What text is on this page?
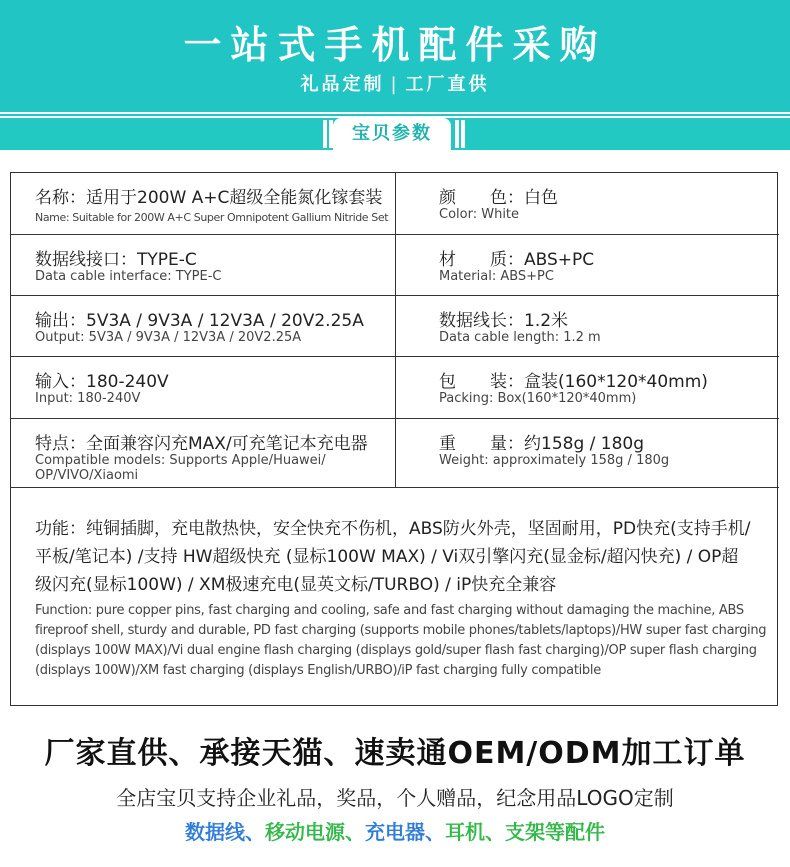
一站式手机配件采购
礼品定制 | 工厂直供
宝贝参数
名称：适用于200W A+C超级全能氮化镓套装
Name: Suitable for 200W A+C Super Omnipotent Gallium Nitride Set
颜　　色：白色
Color: White
数据线接口：TYPE-C
Data cable interface: TYPE-C
材　　质：ABS+PC
Material: ABS+PC
输出：5V3A / 9V3A / 12V3A / 20V2.25A
Output: 5V3A / 9V3A / 12V3A / 20V2.25A
数据线长：1.2米
Data cable length: 1.2 m
输入：180-240V
Input: 180-240V
包　　装：盒装(160*120*40mm)
Packing: Box(160*120*40mm)
特点：全面兼容闪充MAX/可充笔记本充电器
Compatible models: Supports Apple/Huawei/ OP/VIVO/Xiaomi
重　　量：约158g / 180g
Weight: approximately 158g / 180g
功能：纯铜插脚，充电散热快，安全快充不伤机，ABS防火外壳，坚固耐用，PD快充(支持手机/平板/笔记本) /支持 HW超级快充 (显标100W MAX) / Vi双引擎闪充(显金标/超闪快充) / OP超级闪充(显标100W) / XM极速充电(显英文标/TURBO) / iP快充全兼容
Function: pure copper pins, fast charging and cooling, safe and fast charging without damaging the machine, ABS fireproof shell, sturdy and durable, PD fast charging (supports mobile phones/tablets/laptops)/HW super fast charging (displays 100W MAX)/Vi dual engine flash charging (displays gold/super flash fast charging)/OP super flash charging (displays 100W)/XM fast charging (displays English/URBO)/iP fast charging fully compatible
厂家直供、承接天猫、速卖通OEM/ODM加工订单
全店宝贝支持企业礼品，奖品，个人赠品，纪念用品LOGO定制
数据线、移动电源、充电器、耳机、支架等配件
